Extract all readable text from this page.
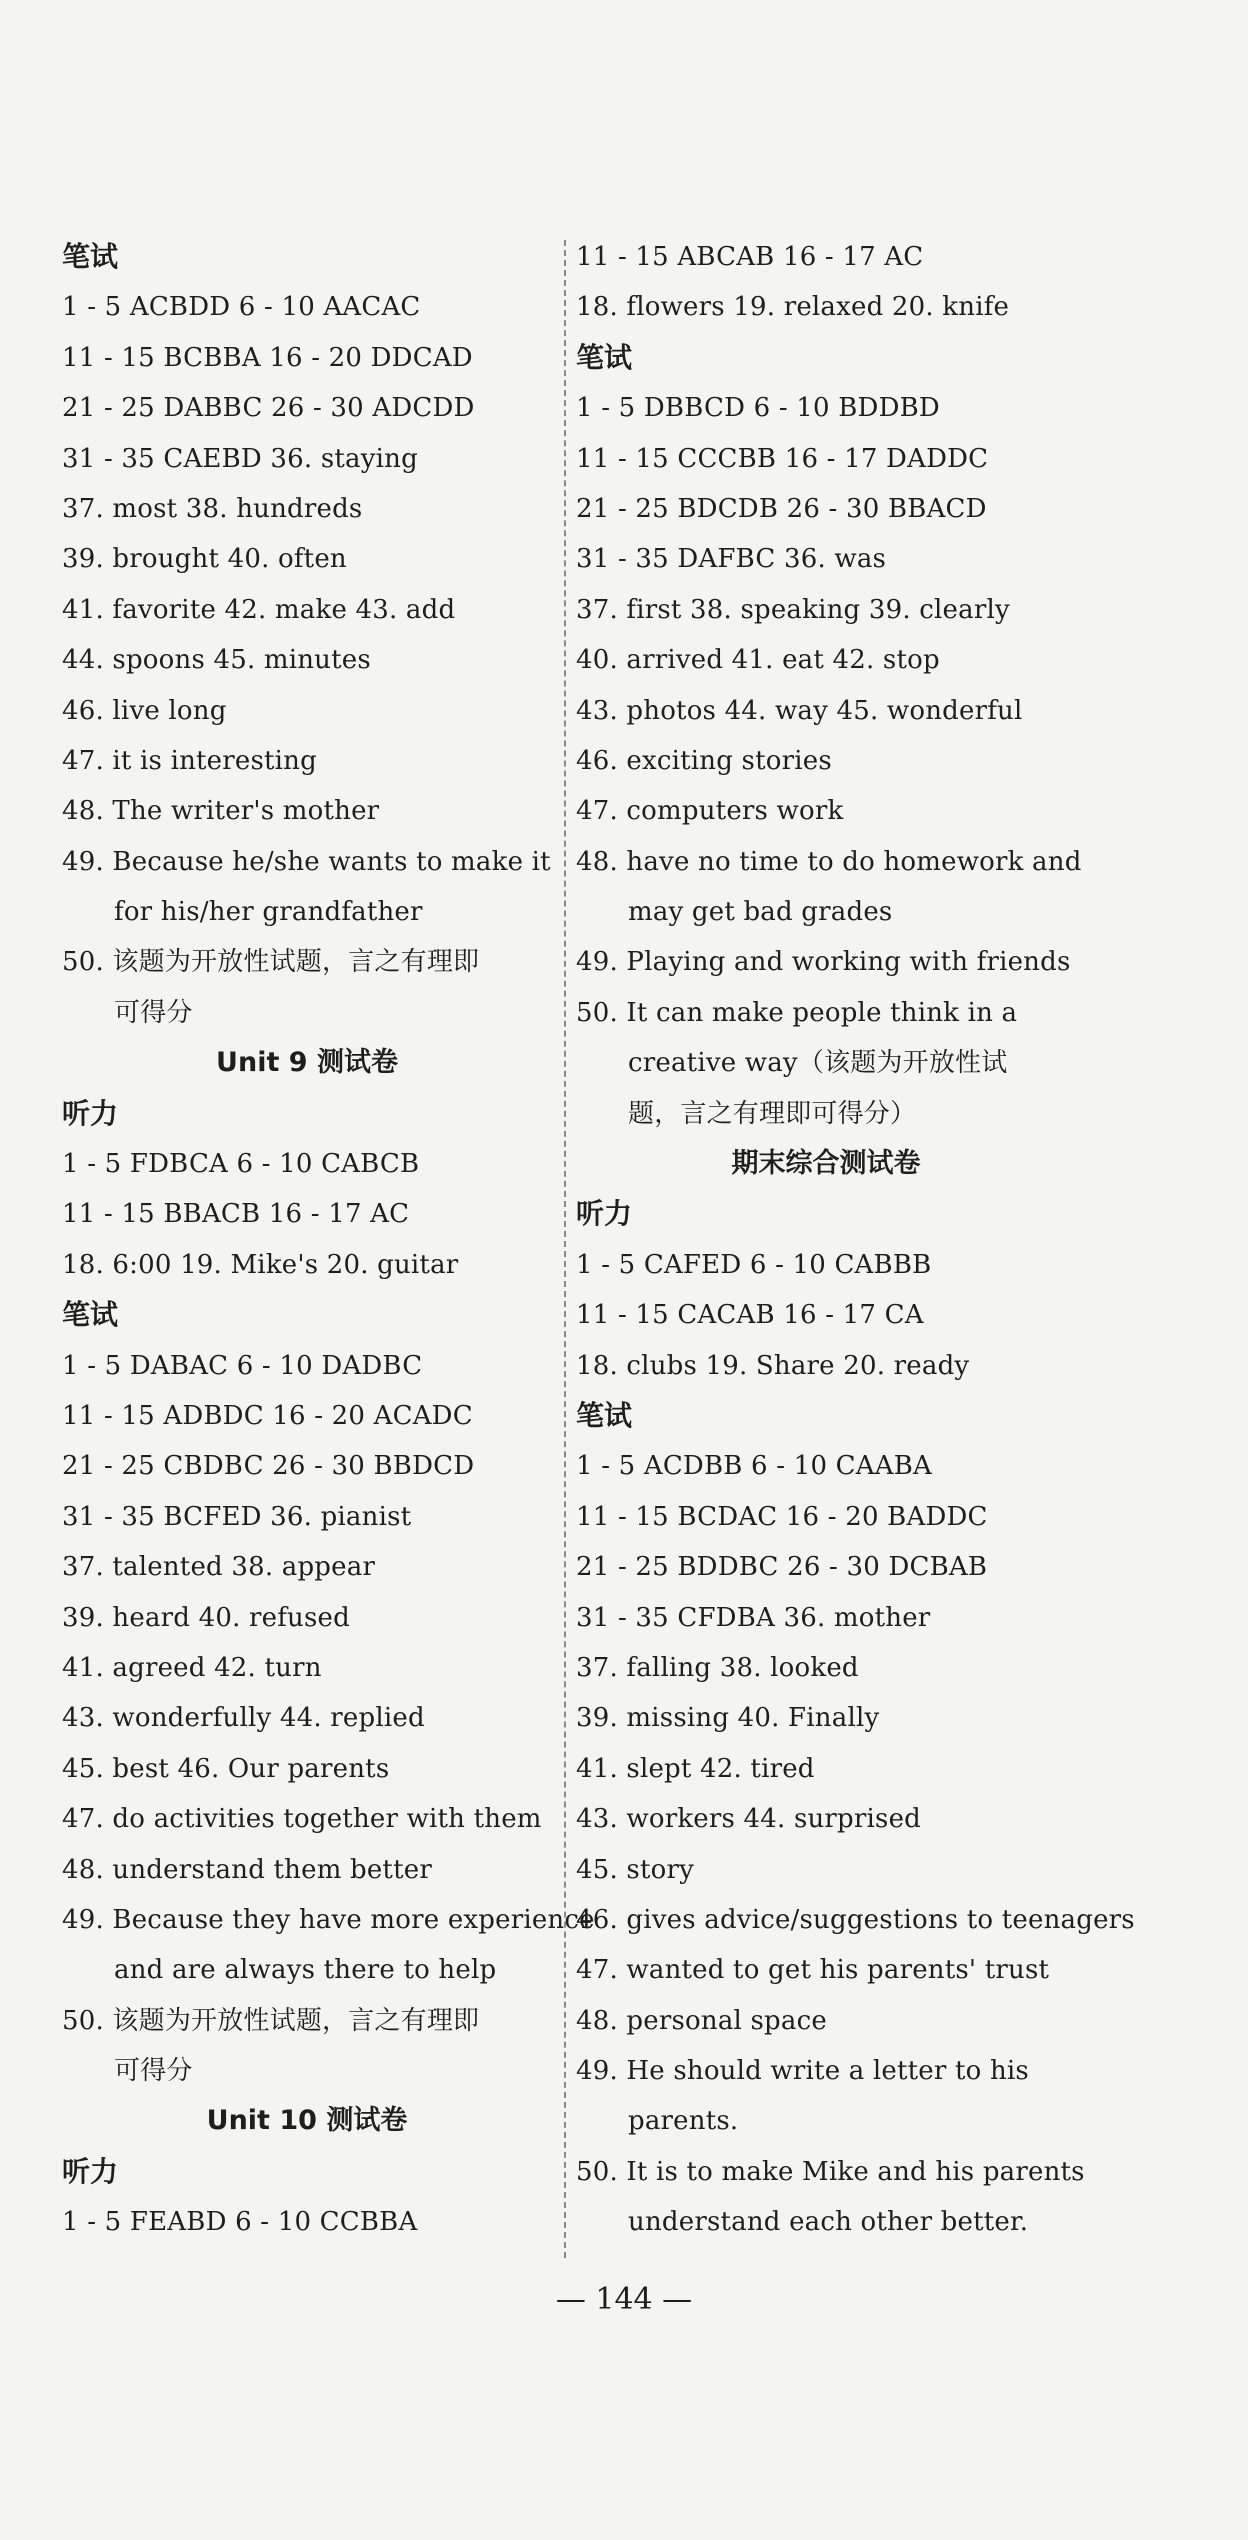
笔试
1 - 5 ACBDD 6 - 10 AACAC
11 - 15 BCBBA 16 - 20 DDCAD
21 - 25 DABBC 26 - 30 ADCDD
31 - 35 CAEBD 36. staying
37. most 38. hundreds
39. brought 40. often
41. favorite 42. make 43. add
44. spoons 45. minutes
46. live long
47. it is interesting
48. The writer's mother
49. Because he/she wants to make it
for his/her grandfather
50. 该题为开放性试题，言之有理即
可得分
Unit 9 测试卷
听力
1 - 5 FDBCA 6 - 10 CABCB
11 - 15 BBACB 16 - 17 AC
18. 6:00 19. Mike's 20. guitar
笔试
1 - 5 DABAC 6 - 10 DADBC
11 - 15 ADBDC 16 - 20 ACADC
21 - 25 CBDBC 26 - 30 BBDCD
31 - 35 BCFED 36. pianist
37. talented 38. appear
39. heard 40. refused
41. agreed 42. turn
43. wonderfully 44. replied
45. best 46. Our parents
47. do activities together with them
48. understand them better
49. Because they have more experience
and are always there to help
50. 该题为开放性试题，言之有理即
可得分
Unit 10 测试卷
听力
1 - 5 FEABD 6 - 10 CCBBA
11 - 15 ABCAB 16 - 17 AC
18. flowers 19. relaxed 20. knife
笔试
1 - 5 DBBCD 6 - 10 BDDBD
11 - 15 CCCBB 16 - 17 DADDC
21 - 25 BDCDB 26 - 30 BBACD
31 - 35 DAFBC 36. was
37. first 38. speaking 39. clearly
40. arrived 41. eat 42. stop
43. photos 44. way 45. wonderful
46. exciting stories
47. computers work
48. have no time to do homework and
may get bad grades
49. Playing and working with friends
50. It can make people think in a
creative way（该题为开放性试
题，言之有理即可得分）
期末综合测试卷
听力
1 - 5 CAFED 6 - 10 CABBB
11 - 15 CACAB 16 - 17 CA
18. clubs 19. Share 20. ready
笔试
1 - 5 ACDBB 6 - 10 CAABA
11 - 15 BCDAC 16 - 20 BADDC
21 - 25 BDDBC 26 - 30 DCBAB
31 - 35 CFDBA 36. mother
37. falling 38. looked
39. missing 40. Finally
41. slept 42. tired
43. workers 44. surprised
45. story
46. gives advice/suggestions to teenagers
47. wanted to get his parents' trust
48. personal space
49. He should write a letter to his
parents.
50. It is to make Mike and his parents
understand each other better.
— 144 —
